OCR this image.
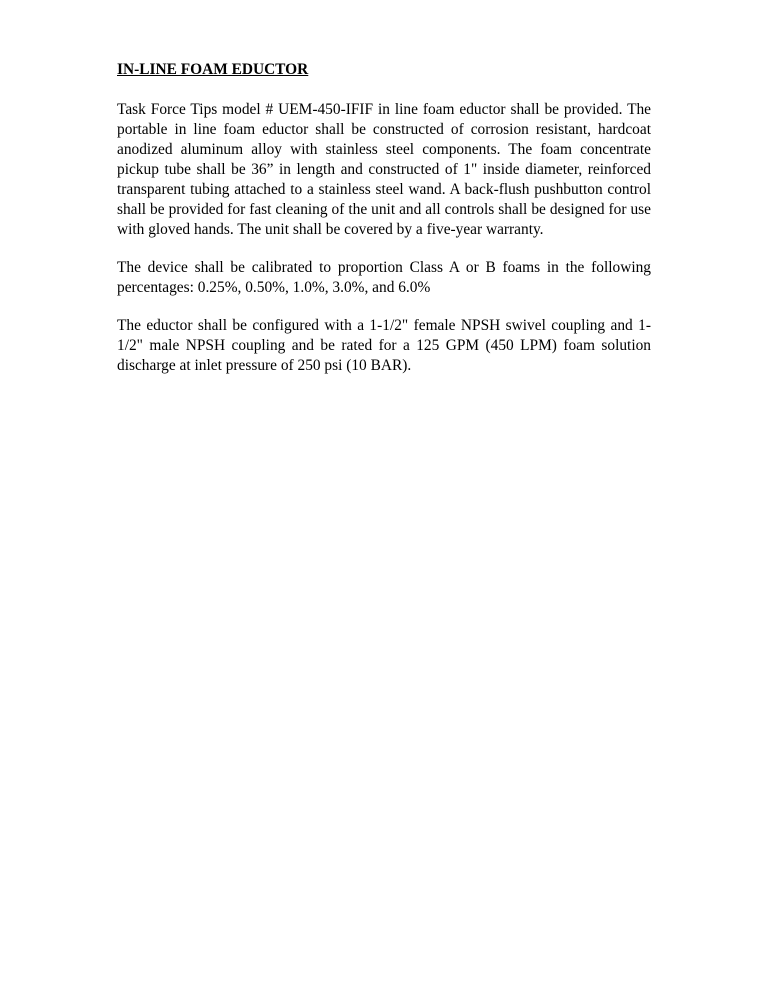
IN-LINE FOAM EDUCTOR

Task Force Tips model # UEM-450-IFIF in line foam eductor shall be provided. The portable in line foam eductor shall be constructed of corrosion resistant, hardcoat anodized aluminum alloy with stainless steel components. The foam concentrate pickup tube shall be 36” in length and constructed of 1" inside diameter, reinforced transparent tubing attached to a stainless steel wand. A back-flush pushbutton control shall be provided for fast cleaning of the unit and all controls shall be designed for use with gloved hands. The unit shall be covered by a five-year warranty.

The device shall be calibrated to proportion Class A or B foams in the following percentages: 0.25%, 0.50%, 1.0%, 3.0%, and 6.0%

The eductor shall be configured with a 1-1/2" female NPSH swivel coupling and 1-1/2" male NPSH coupling and be rated for a 125 GPM (450 LPM) foam solution discharge at inlet pressure of 250 psi (10 BAR).
